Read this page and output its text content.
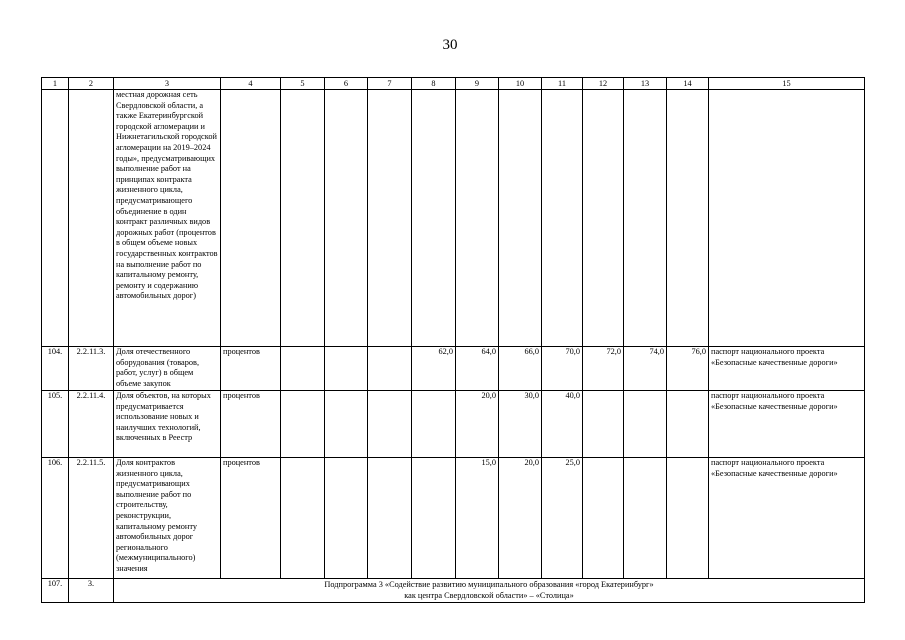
30
1	2	3	4	5	6	7	8	9	10	11	12	13	14	15
		местная дорожная сеть Свердловской области, а также Екатеринбургской городской агломерации и Нижнетагильской городской агломерации на 2019–2024 годы», предусматривающих выполнение работ на принципах контракта жизненного цикла, предусматривающего объединение в один контракт различных видов дорожных работ (процентов в общем объеме новых государственных контрактов на выполнение работ по капитальному ремонту, ремонту и содержанию автомобильных дорог)												
104.	2.2.11.3.	Доля отечественного оборудования (товаров, работ, услуг) в общем объеме закупок	процентов				62,0	64,0	66,0	70,0	72,0	74,0	76,0	паспорт национального проекта «Безопасные качественные дороги»
105.	2.2.11.4.	Доля объектов, на которых предусматривается использование новых и наилучших технологий, включенных в Реестр	процентов					20,0	30,0	40,0				паспорт национального проекта «Безопасные качественные дороги»
106.	2.2.11.5.	Доля контрактов жизненного цикла, предусматривающих выполнение работ по строительству, реконструкции, капитальному ремонту автомобильных дорог регионального (межмуниципального) значения	процентов					15,0	20,0	25,0				паспорт национального проекта «Безопасные качественные дороги»
107.	3.	Подпрограмма 3 «Содействие развитию муниципального образования «город Екатеринбург»
как центра Свердловской области» – «Столица»												
